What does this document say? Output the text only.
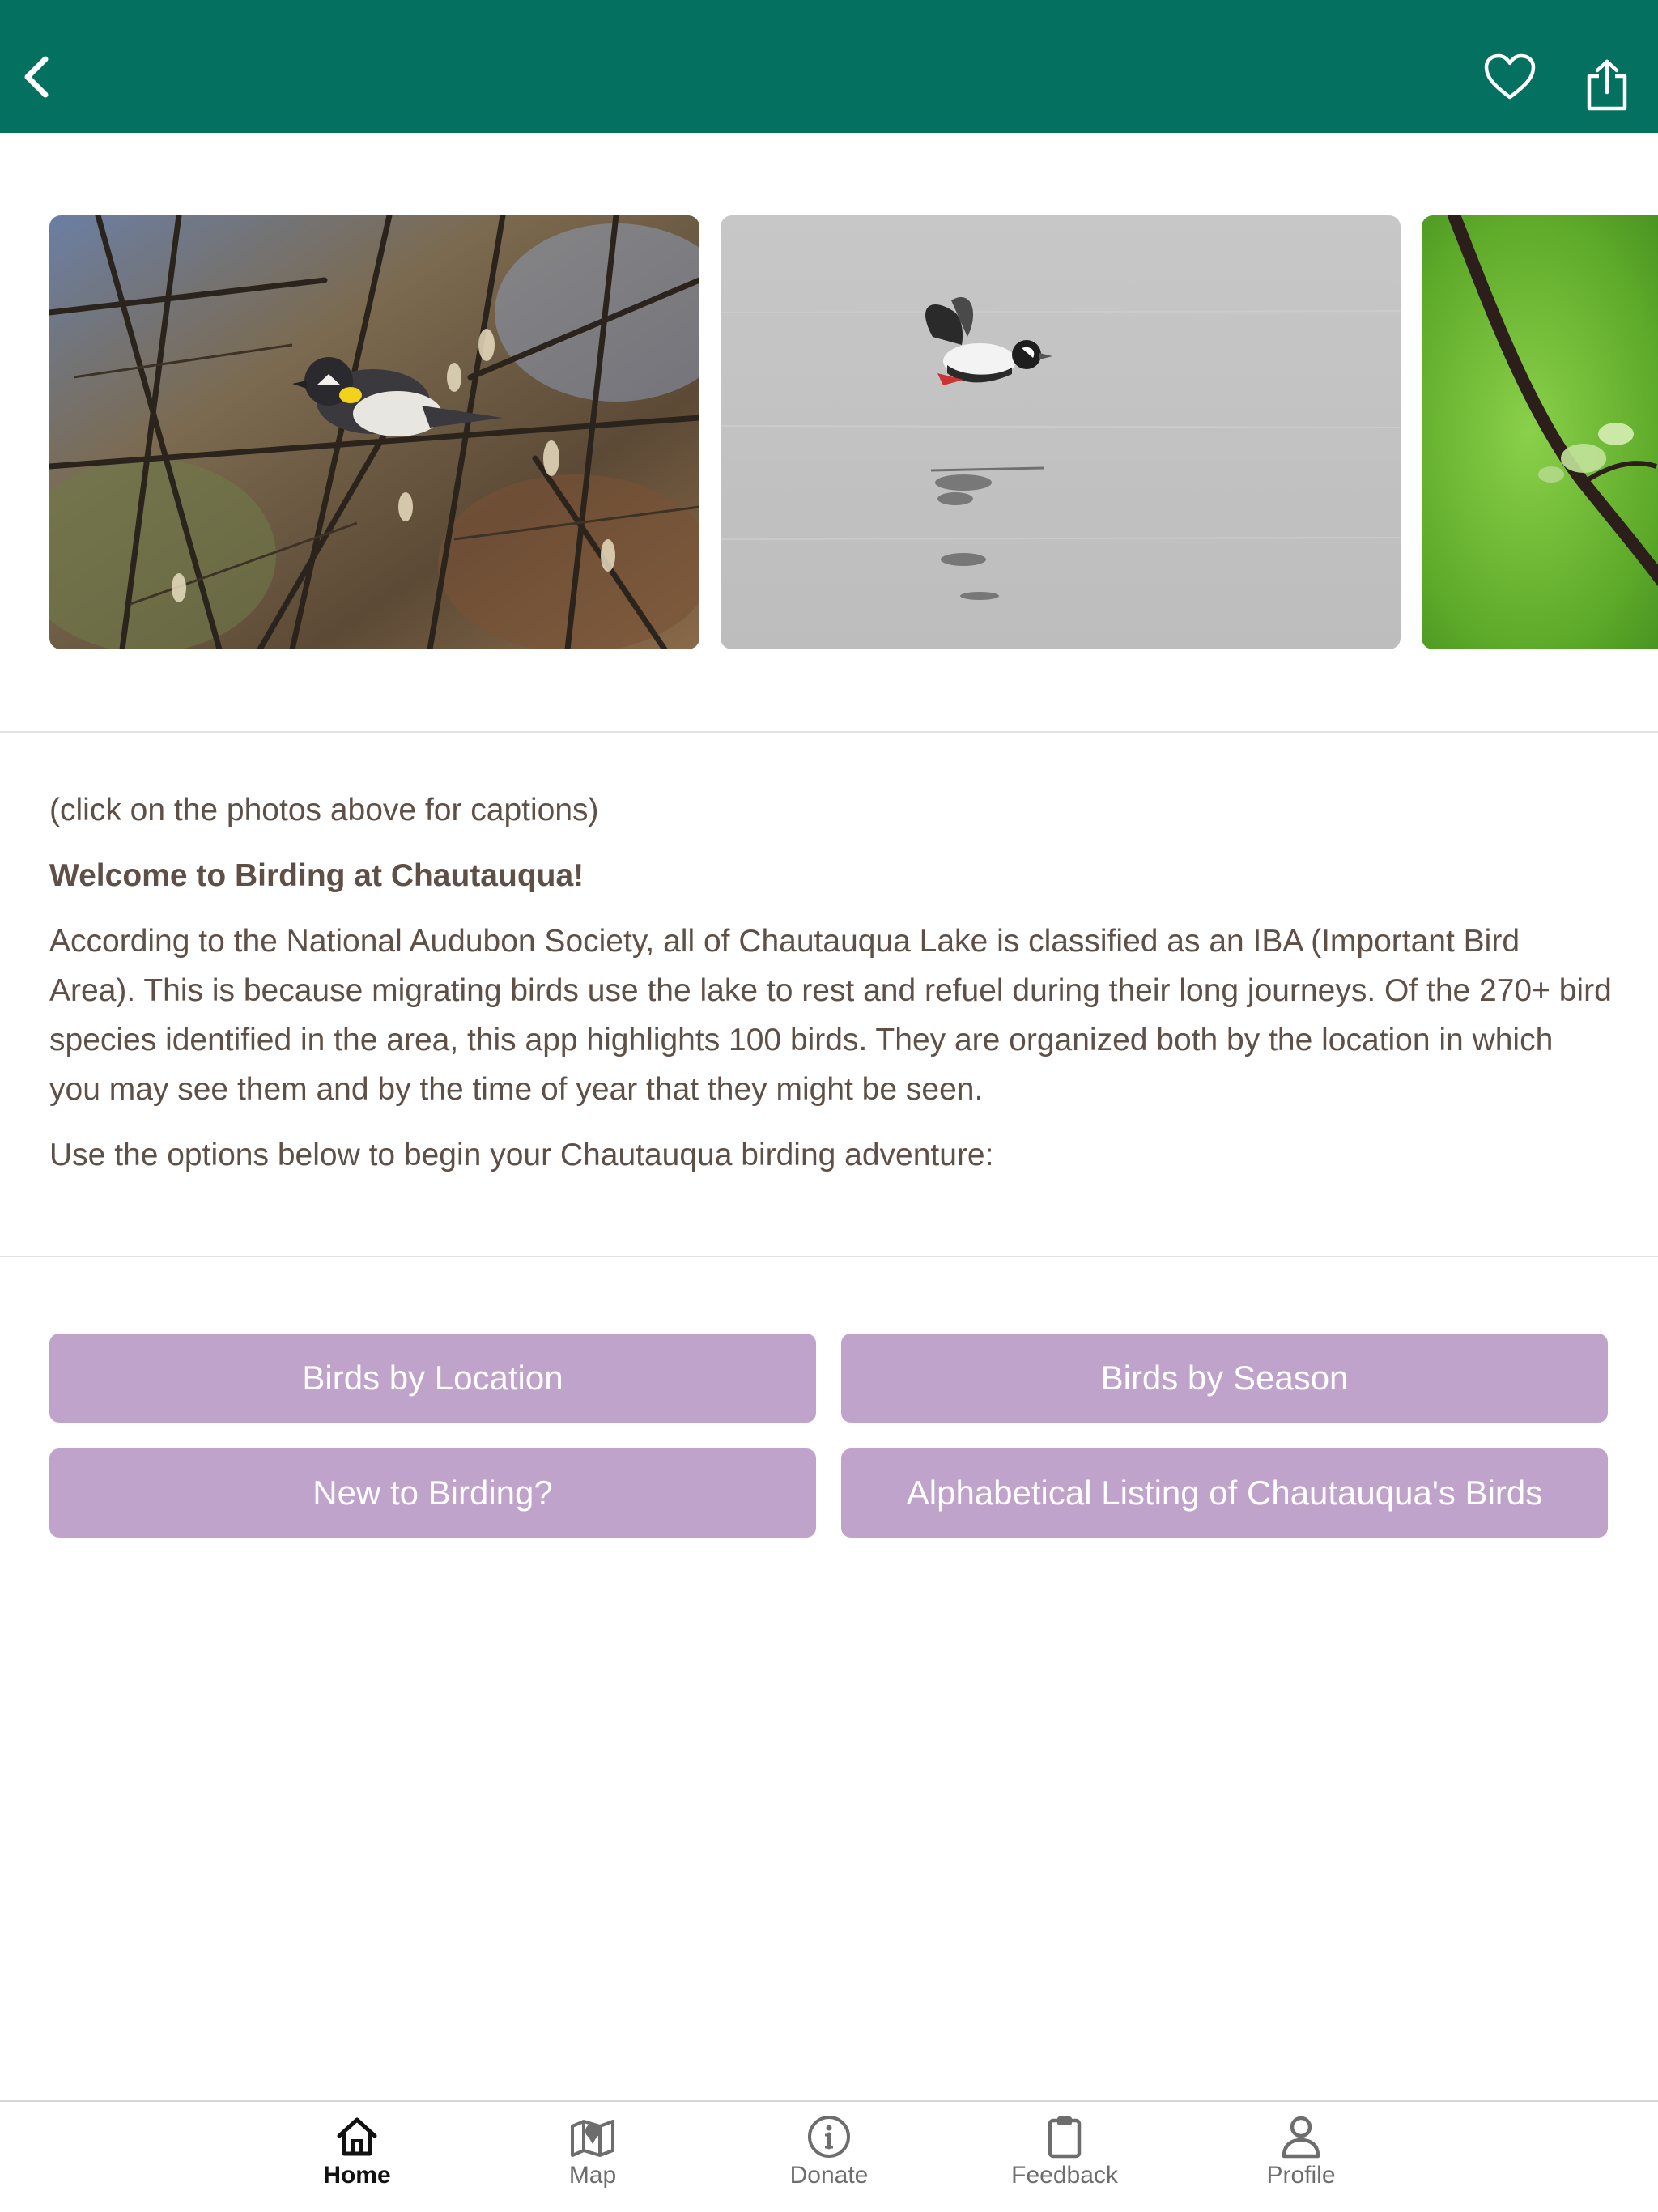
(click on the photos above for captions)

Welcome to Birding at Chautauqua!

According to the National Audubon Society, all of Chautauqua Lake is classified as an IBA (Important Bird Area). This is because migrating birds use the lake to rest and refuel during their long journeys. Of the 270+ bird species identified in the area, this app highlights 100 birds. They are organized both by the location in which you may see them and by the time of year that they might be seen.

Use the options below to begin your Chautauqua birding adventure:

Birds by Location	Birds by Season
New to Birding?	Alphabetical Listing of Chautauqua's Birds
Home	Map	Donate	Feedback	Profile
